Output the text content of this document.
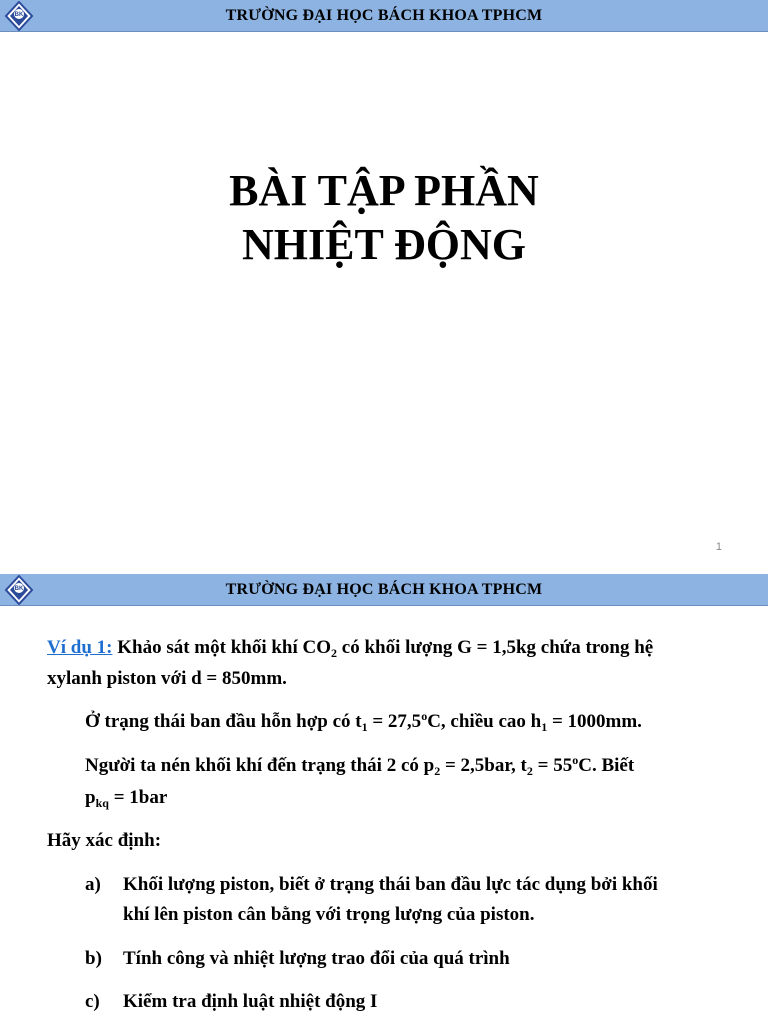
BK	TRƯỜNG ĐẠI HỌC BÁCH KHOA TPHCM
BÀI TẬP PHẦN
NHIỆT ĐỘNG
1
BK	TRƯỜNG ĐẠI HỌC BÁCH KHOA TPHCM
Ví dụ 1: Khảo sát một khối khí $CO_2$ có khối lượng G = 1,5kg chứa trong hệ
xylanh piston với d = 850mm.
Ở trạng thái ban đầu hỗn hợp có $t_1 = 27,5^oC$, chiều cao $h_1 = 1000mm$.
Người ta nén khối khí đến trạng thái 2 có $p_2 = 2,5bar$, $t_2 = 55^oC$. Biết
$p_{kq} = 1bar$
Hãy xác định:
a) Khối lượng piston, biết ở trạng thái ban đầu lực tác dụng bởi khối
khí lên piston cân bằng với trọng lượng của piston.
b) Tính công và nhiệt lượng trao đổi của quá trình
c) Kiểm tra định luật nhiệt động I
